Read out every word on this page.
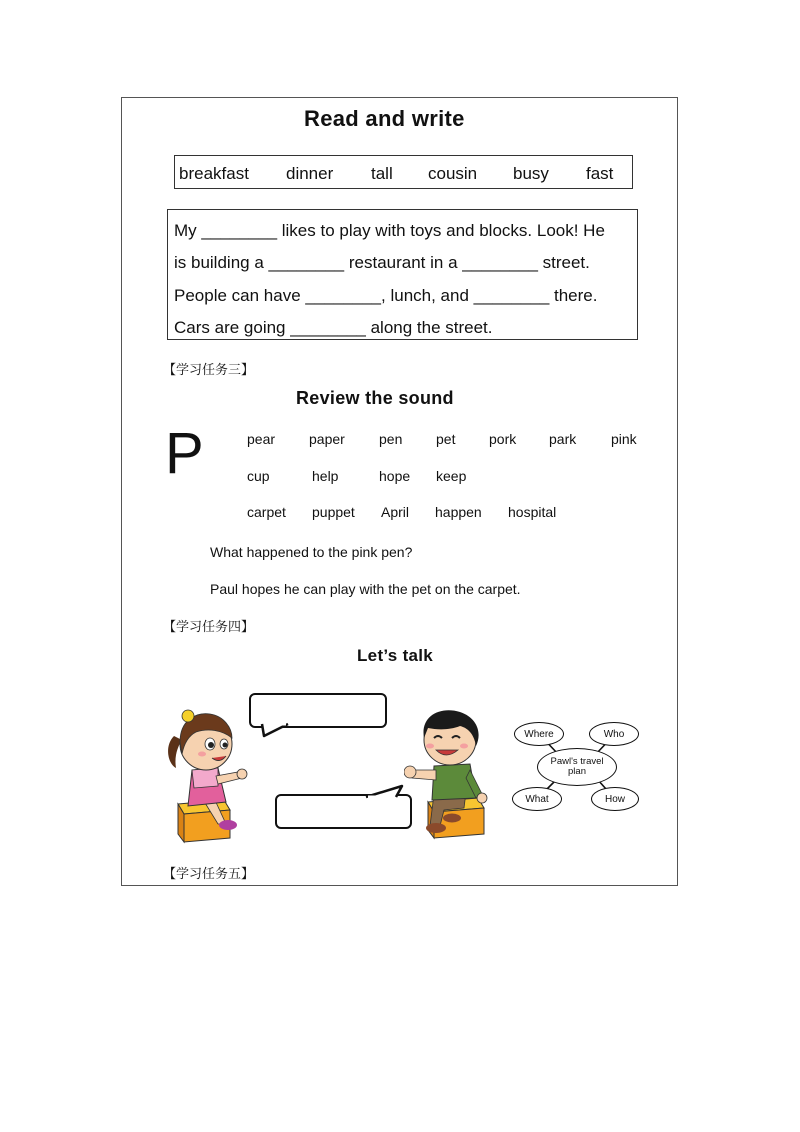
Read and write
breakfast dinner tall cousin busy fast
My ________ likes to play with toys and blocks. Look! He
is building a ________ restaurant in a ________ street.
People can have ________, lunch, and ________ there.
Cars are going ________ along the street.
【学习任务三】
Review the sound
P	pear paper pen pet pork park pink
cup	help	hope keep
carpet puppet April happen hospital
What happened to the pink pen?
Paul hopes he can play with the pet on the carpet.
【学习任务四】
Let’s talk
Where	Who
Pawl's travel plan
What	How
【学习任务五】
